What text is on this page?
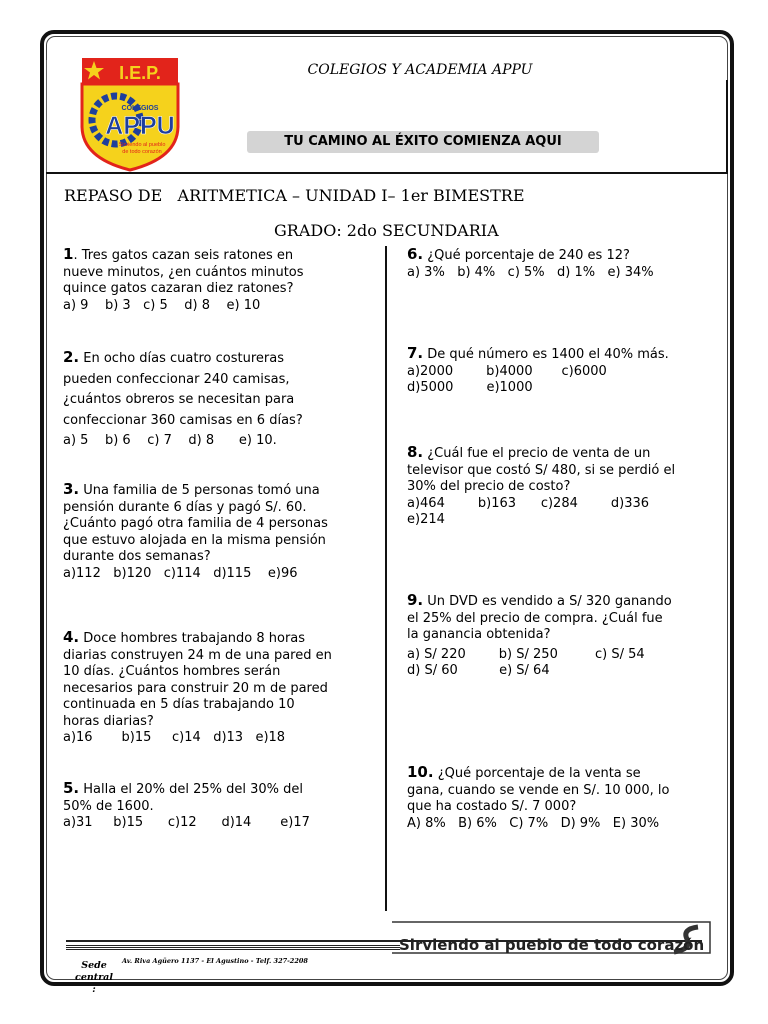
I.E.P.
COLEGIOS
APPU
Sirviendo al pueblo
de todo corazón
COLEGIOS Y ACADEMIA APPU
TU CAMINO AL ÉXITO COMIENZA AQUI
REPASO DE   ARITMETICA – UNIDAD I– 1er BIMESTRE
GRADO: 2do SECUNDARIA
1. Tres gatos cazan seis ratones en
nueve minutos, ¿en cuántos minutos
quince gatos cazaran diez ratones?
a) 9    b) 3   c) 5    d) 8    e) 10
2. En ocho días cuatro costureras
pueden confeccionar 240 camisas,
¿cuántos obreros se necesitan para
confeccionar 360 camisas en 6 días?
a) 5    b) 6    c) 7    d) 8      e) 10.
3. Una familia de 5 personas tomó una
pensión durante 6 días y pagó S/. 60.
¿Cuánto pagó otra familia de 4 personas
que estuvo alojada en la misma pensión
durante dos semanas?
a)112   b)120   c)114   d)115    e)96
4. Doce hombres trabajando 8 horas
diarias construyen 24 m de una pared en
10 días. ¿Cuántos hombres serán
necesarios para construir 20 m de pared
continuada en 5 días trabajando 10
horas diarias?
a)16       b)15     c)14   d)13   e)18
5. Halla el 20% del 25% del 30% del
50% de 1600.
a)31     b)15      c)12      d)14       e)17
6. ¿Qué porcentaje de 240 es 12?
a) 3%   b) 4%   c) 5%   d) 1%   e) 34%
7. De qué número es 1400 el 40% más.
a)2000        b)4000       c)6000
d)5000        e)1000
8. ¿Cuál fue el precio de venta de un
televisor que costó S/ 480, si se perdió el
30% del precio de costo?
a)464        b)163      c)284        d)336
e)214
9. Un DVD es vendido a S/ 320 ganando
el 25% del precio de compra. ¿Cuál fue
la ganancia obtenida?
a) S/ 220        b) S/ 250         c) S/ 54
d) S/ 60          e) S/ 64
10. ¿Qué porcentaje de la venta se
gana, cuando se vende en S/. 10 000, lo
que ha costado S/. 7 000?
A) 8%   B) 6%   C) 7%   D) 9%   E) 30%
Sirviendo al pueblo de todo corazón
Av. Riva Agüero 1137 - El Agustino - Telf. 327-2208
Sede central :
